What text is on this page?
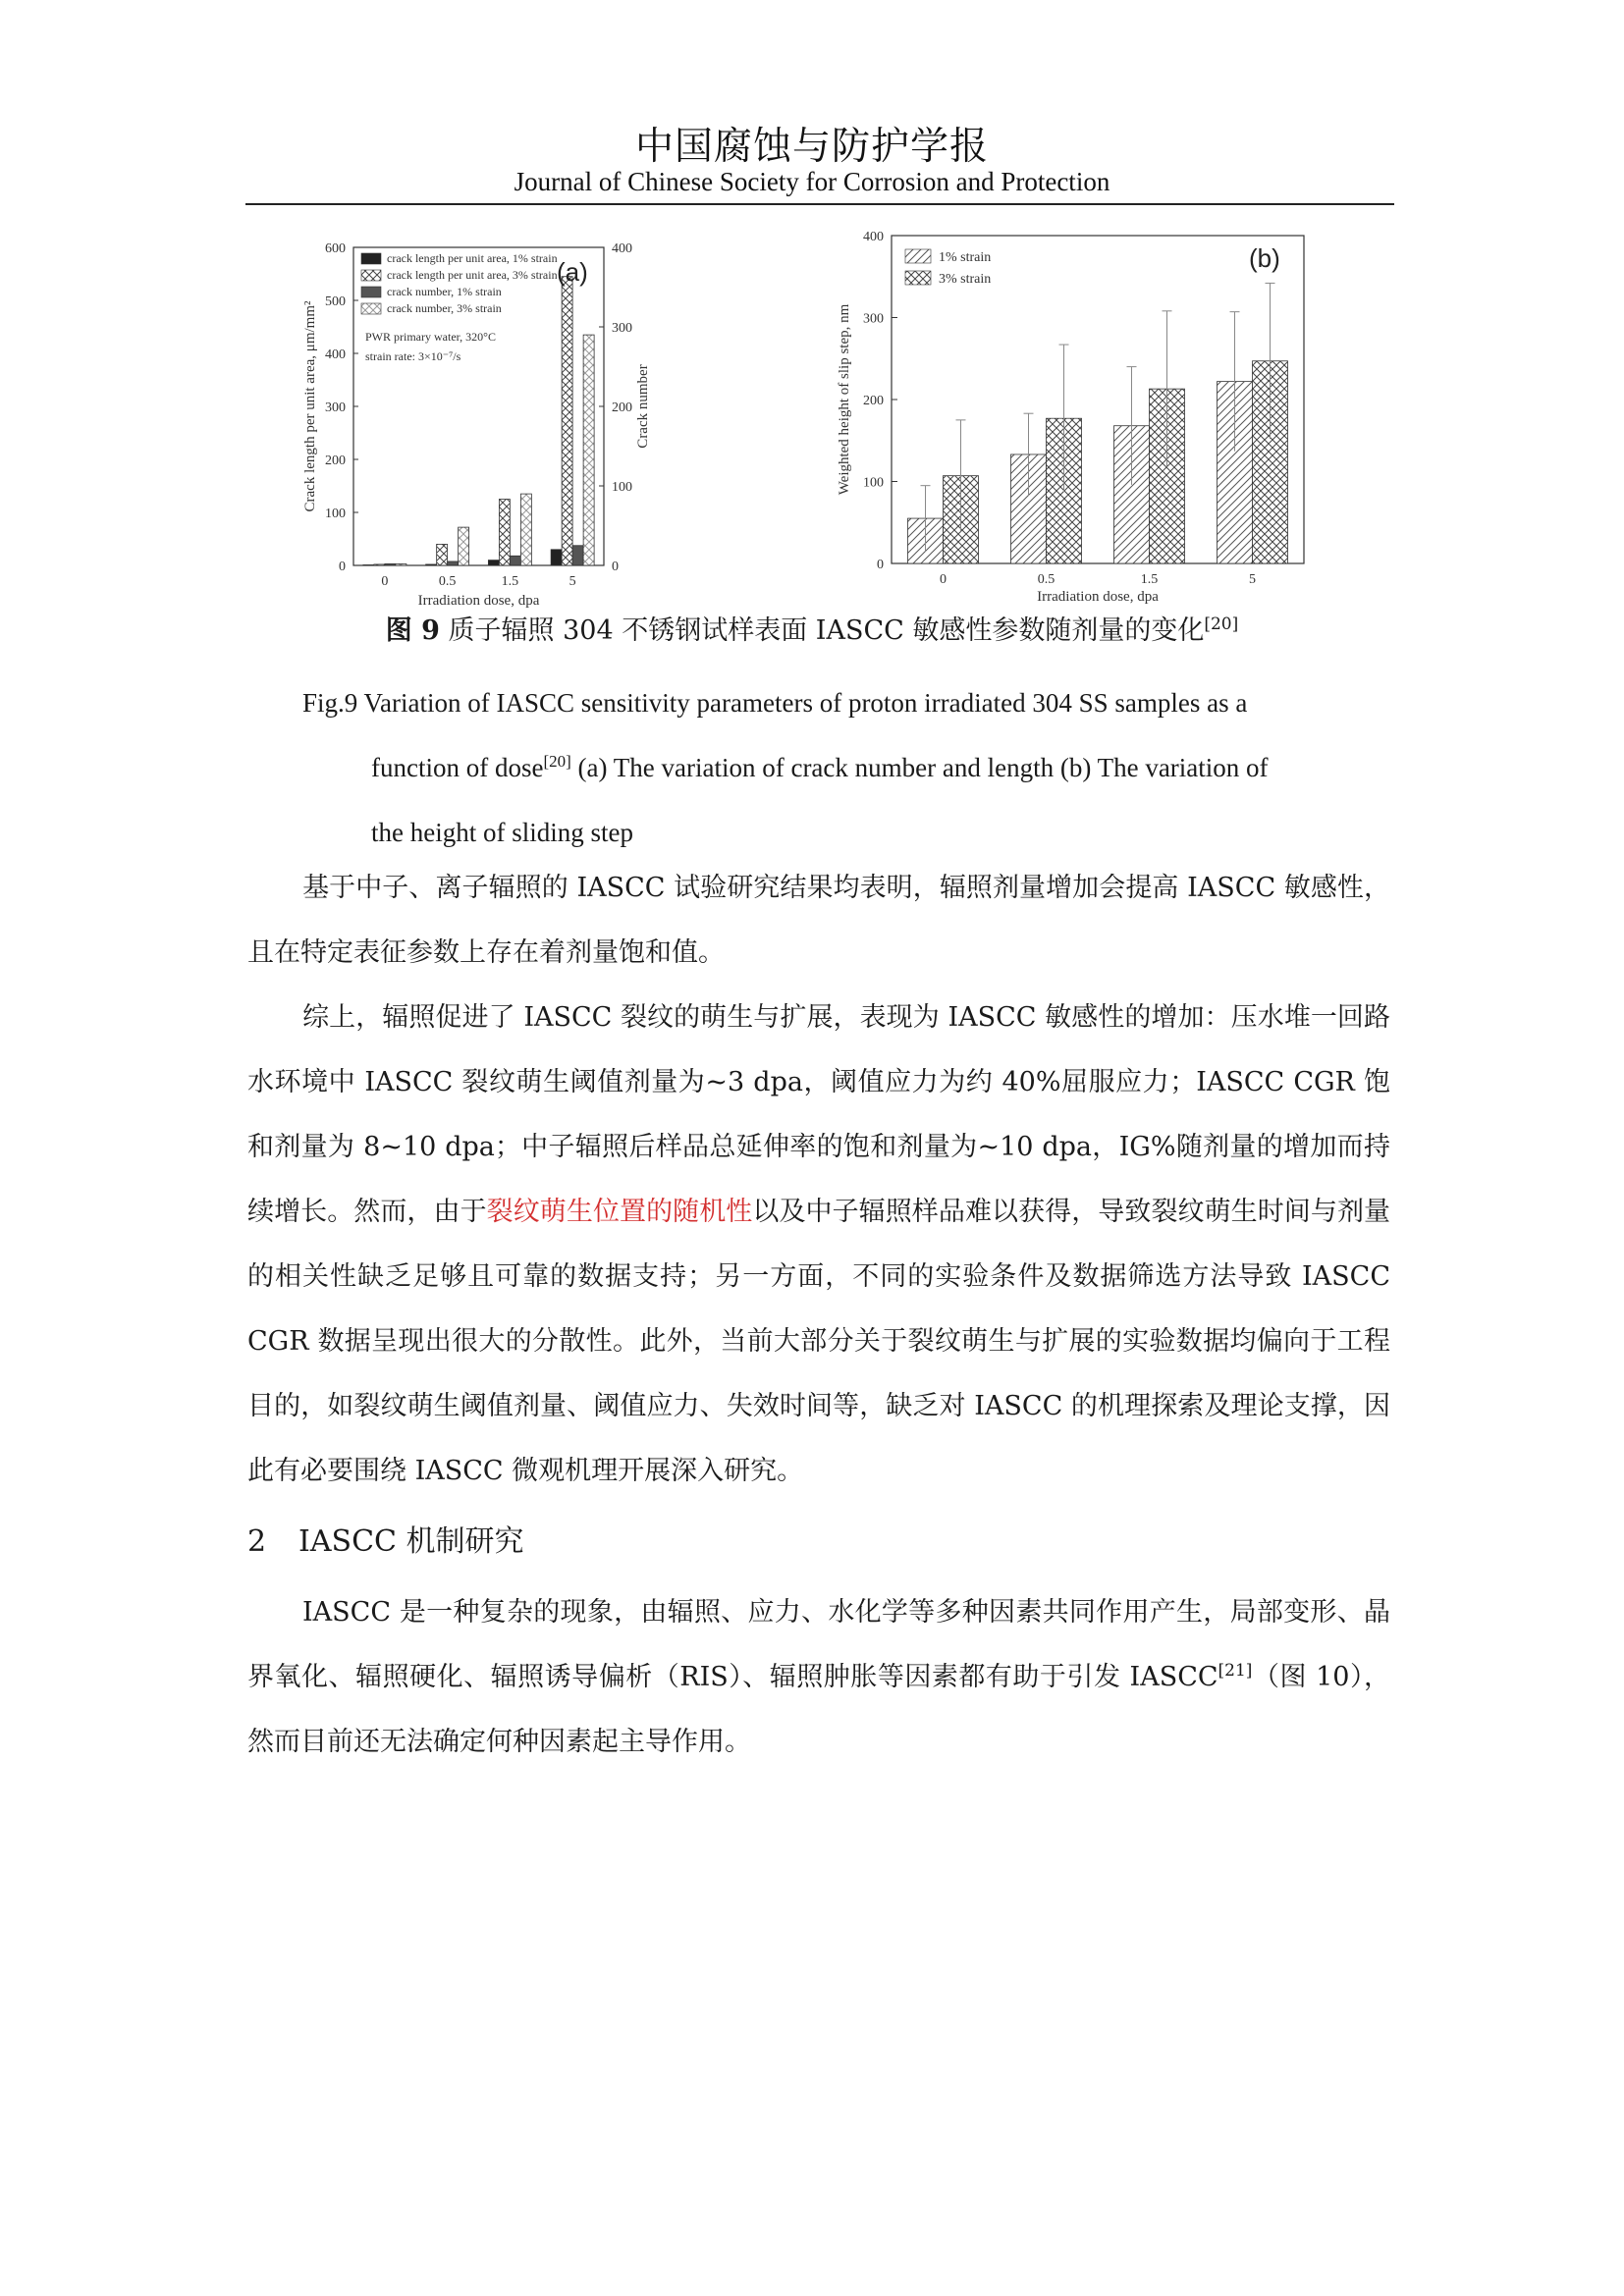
中国腐蚀与防护学报
Journal of Chinese Society for Corrosion and Protection
0
100
200
300
400
500
600
0
100
200
300
400
0	0.5	1.5	5
Irradiation dose, dpa
Crack length per unit area, μm/mm²	Crack number
crack length per unit area, 1% strain
crack length per unit area, 3% strain
crack number, 1% strain
crack number, 3% strain
PWR primary water, 320°C
strain rate: 3×10⁻⁷/s
(a)
0
100
200
300
400
0	0.5	1.5	5
Irradiation dose, dpa
Weighted height of slip step, nm
1% strain
3% strain
(b)
图 9 质子辐照 304 不锈钢试样表面 IASCC 敏感性参数随剂量的变化[20]
Fig.9 Variation of IASCC sensitivity parameters of proton irradiated 304 SS samples as a
function of dose[20] (a) The variation of crack number and length (b) The variation of
the height of sliding step
基于中子、离子辐照的 IASCC 试验研究结果均表明，辐照剂量增加会提高 IASCC 敏感性，且在特定表征参数上存在着剂量饱和值。
综上，辐照促进了 IASCC 裂纹的萌生与扩展，表现为 IASCC 敏感性的增加：压水堆一回路水环境中 IASCC 裂纹萌生阈值剂量为~3 dpa，阈值应力为约 40%屈服应力；IASCC CGR 饱和剂量为 8~10 dpa；中子辐照后样品总延伸率的饱和剂量为~10 dpa，IG%随剂量的增加而持续增长。然而，由于裂纹萌生位置的随机性以及中子辐照样品难以获得，导致裂纹萌生时间与剂量的相关性缺乏足够且可靠的数据支持；另一方面，不同的实验条件及数据筛选方法导致 IASCC CGR 数据呈现出很大的分散性。此外，当前大部分关于裂纹萌生与扩展的实验数据均偏向于工程目的，如裂纹萌生阈值剂量、阈值应力、失效时间等，缺乏对 IASCC 的机理探索及理论支撑，因此有必要围绕 IASCC 微观机理开展深入研究。
2 IASCC 机制研究
IASCC 是一种复杂的现象，由辐照、应力、水化学等多种因素共同作用产生，局部变形、晶界氧化、辐照硬化、辐照诱导偏析（RIS）、辐照肿胀等因素都有助于引发 IASCC[21]（图 10），然而目前还无法确定何种因素起主导作用。
